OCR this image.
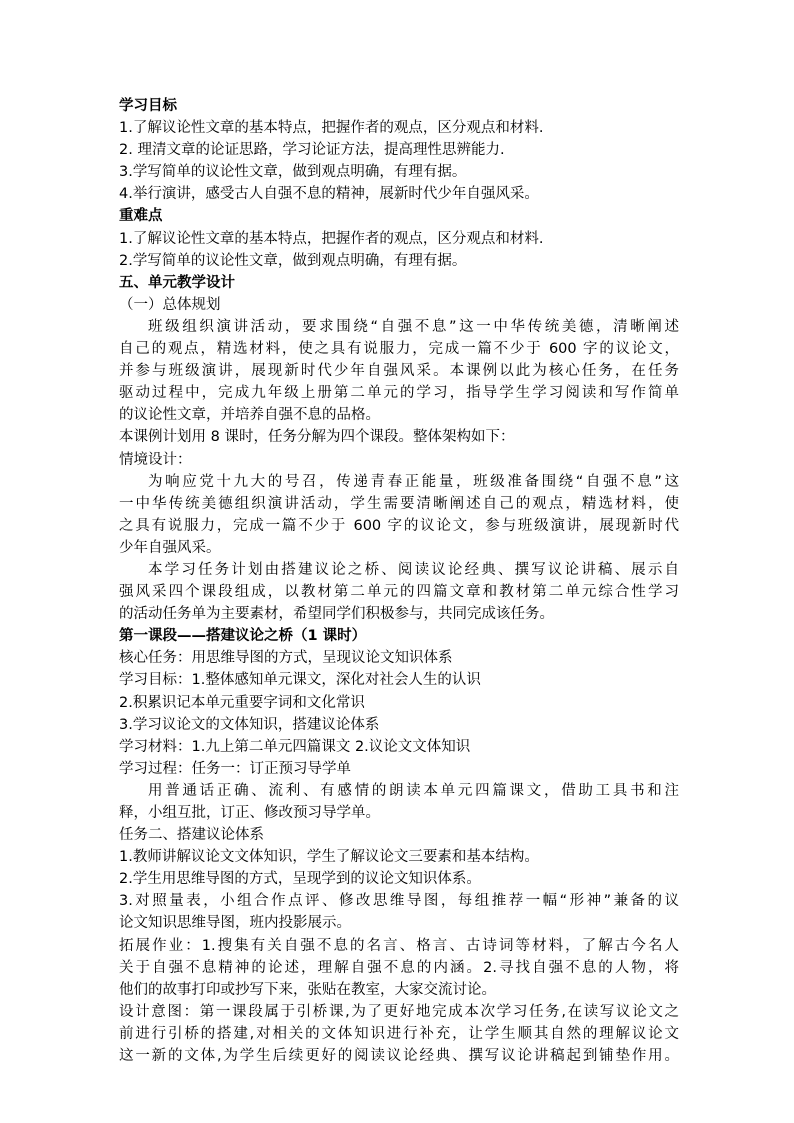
学习目标

1.了解议论性文章的基本特点，把握作者的观点，区分观点和材料.

2. 理清文章的论证思路，学习论证方法，提高理性思辨能力.

3.学写简单的议论性文章，做到观点明确，有理有据。

4.举行演讲，感受古人自强不息的精神，展新时代少年自强风采。

重难点

1.了解议论性文章的基本特点，把握作者的观点，区分观点和材料.

2.学写简单的议论性文章，做到观点明确，有理有据。

五、单元教学设计

（一）总体规划

班级组织演讲活动，要求围绕“自强不息”这一中华传统美德，清晰阐述

自己的观点，精选材料，使之具有说服力，完成一篇不少于 600 字的议论文，

并参与班级演讲，展现新时代少年自强风采。本课例以此为核心任务，在任务

驱动过程中，完成九年级上册第二单元的学习，指导学生学习阅读和写作简单

的议论性文章，并培养自强不息的品格。

本课例计划用 8 课时，任务分解为四个课段。整体架构如下：

情境设计：

为响应党十九大的号召，传递青春正能量，班级准备围绕“自强不息”这

一中华传统美德组织演讲活动，学生需要清晰阐述自己的观点，精选材料，使

之具有说服力，完成一篇不少于 600 字的议论文，参与班级演讲，展现新时代

少年自强风采。

本学习任务计划由搭建议论之桥、阅读议论经典、撰写议论讲稿、展示自

强风采四个课段组成，以教材第二单元的四篇文章和教材第二单元综合性学习

的活动任务单为主要素材，希望同学们积极参与，共同完成该任务。

第一课段——搭建议论之桥（1 课时）

核心任务：用思维导图的方式，呈现议论文知识体系

学习目标：1.整体感知单元课文，深化对社会人生的认识

2.积累识记本单元重要字词和文化常识

3.学习议论文的文体知识，搭建议论体系

学习材料：1.九上第二单元四篇课文 2.议论文文体知识

学习过程：任务一：订正预习导学单

用普通话正确、流利、有感情的朗读本单元四篇课文，借助工具书和注

释，小组互批，订正、修改预习导学单。

任务二、搭建议论体系

1.教师讲解议论文文体知识，学生了解议论文三要素和基本结构。

2.学生用思维导图的方式，呈现学到的议论文知识体系。

3.对照量表，小组合作点评、修改思维导图，每组推荐一幅“形神”兼备的议

论文知识思维导图，班内投影展示。

拓展作业：1.搜集有关自强不息的名言、格言、古诗词等材料，了解古今名人

关于自强不息精神的论述，理解自强不息的内涵。2.寻找自强不息的人物，将

他们的故事打印或抄写下来，张贴在教室，大家交流讨论。

设计意图：第一课段属于引桥课,为了更好地完成本次学习任务,在读写议论文之

前进行引桥的搭建,对相关的文体知识进行补充，让学生顺其自然的理解议论文

这一新的文体,为学生后续更好的阅读议论经典、撰写议论讲稿起到铺垫作用。
